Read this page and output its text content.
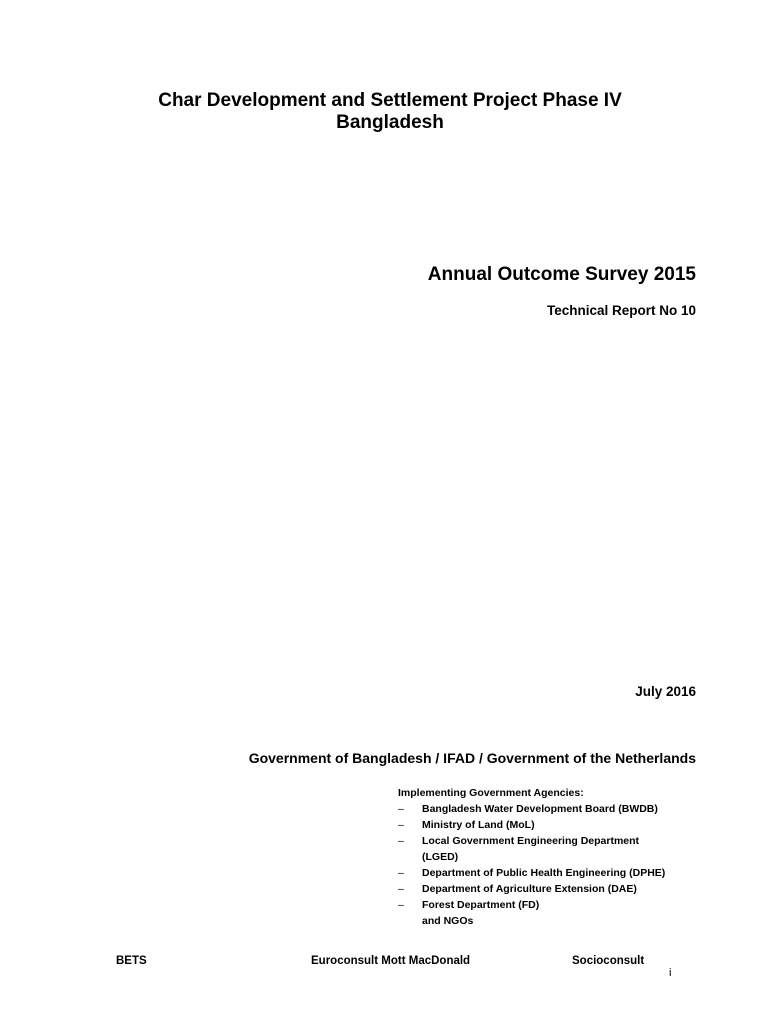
Char Development and Settlement Project Phase IV
Bangladesh
Annual Outcome Survey 2015
Technical Report No 10
July 2016
Government of Bangladesh / IFAD / Government of the Netherlands
Implementing Government Agencies:
– Bangladesh Water Development Board (BWDB)
– Ministry of Land (MoL)
– Local Government Engineering Department
(LGED)
– Department of Public Health Engineering (DPHE)
– Department of Agriculture Extension (DAE)
– Forest Department (FD)
and NGOs
BETS	Euroconsult Mott MacDonald	Socioconsult
i
